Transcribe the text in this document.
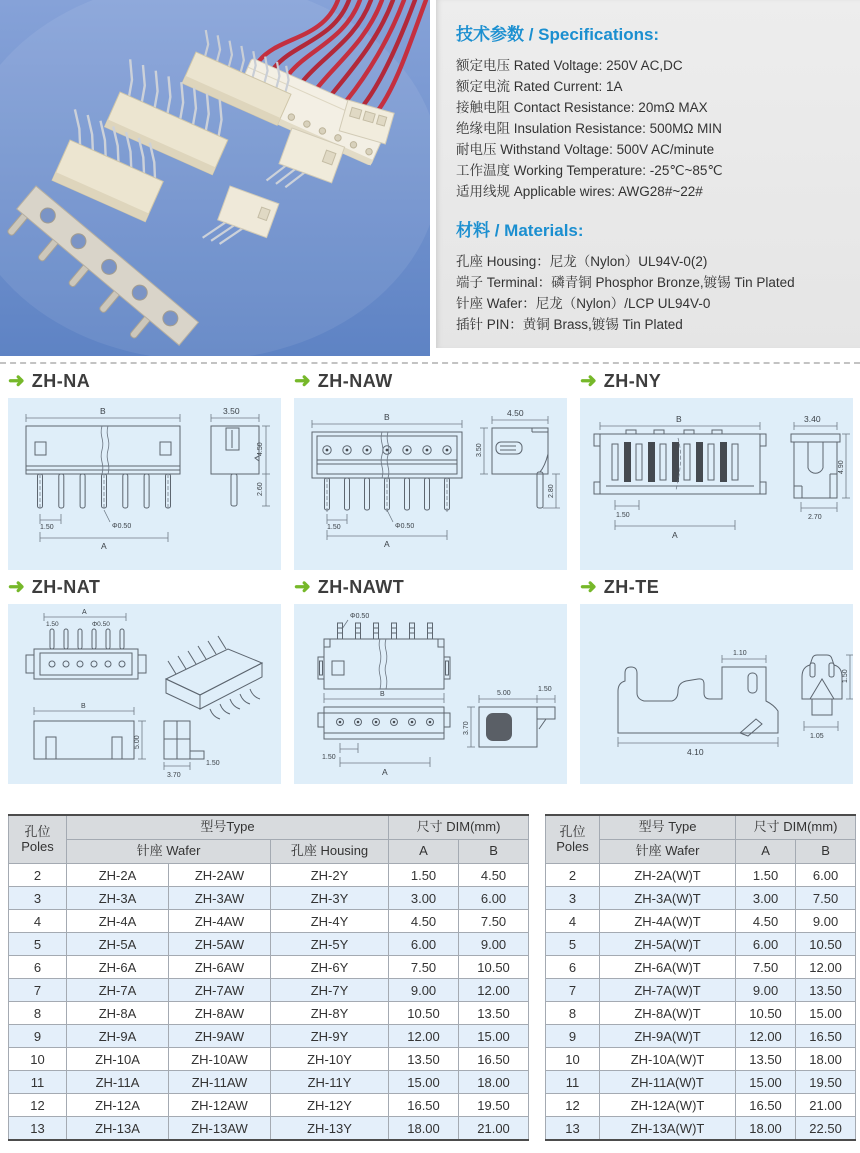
技术参数 / Specifications:
额定电压 Rated Voltage: 250V AC,DC
额定电流 Rated Current: 1A
接触电阻 Contact Resistance: 20mΩ MAX
绝缘电阻 Insulation Resistance: 500MΩ MIN
耐电压 Withstand Voltage: 500V AC/minute
工作温度 Working Temperature: -25℃~85℃
适用线规 Applicable wires: AWG28#~22#
材料 / Materials:
孔座 Housing：尼龙（Nylon）UL94V-0(2)
端子 Terminal：磷青铜 Phosphor Bronze,镀锡 Tin Plated
针座 Wafer：尼龙（Nylon）/LCP UL94V-0
插针 PIN：黄铜 Brass,镀锡 Tin Plated
➜ ZH-NA	➜ ZH-NAW	➜ ZH-NY
B	3.50
1.50	Φ0.50
A
4.50
2.60
B	4.50
1.50	Φ0.50
A
3.50
2.80
B	3.40
1.50
A
4.90
2.70
➜ ZH-NAT	➜ ZH-NAWT	➜ ZH-TE
A
1.50	Φ0.50
B
5.00
3.70
1.50
Φ0.50
B
1.50
A
5.00
1.50
3.70
1.10
4.10
1.50
1.05
孔位
Poles	型号Type			尺寸 DIM(mm)	
	针座 Wafer		孔座 Housing	A	B
2	ZH-2A	ZH-2AW	ZH-2Y	1.50	4.50
3	ZH-3A	ZH-3AW	ZH-3Y	3.00	6.00
4	ZH-4A	ZH-4AW	ZH-4Y	4.50	7.50
5	ZH-5A	ZH-5AW	ZH-5Y	6.00	9.00
6	ZH-6A	ZH-6AW	ZH-6Y	7.50	10.50
7	ZH-7A	ZH-7AW	ZH-7Y	9.00	12.00
8	ZH-8A	ZH-8AW	ZH-8Y	10.50	13.50
9	ZH-9A	ZH-9AW	ZH-9Y	12.00	15.00
10	ZH-10A	ZH-10AW	ZH-10Y	13.50	16.50
11	ZH-11A	ZH-11AW	ZH-11Y	15.00	18.00
12	ZH-12A	ZH-12AW	ZH-12Y	16.50	19.50
13	ZH-13A	ZH-13AW	ZH-13Y	18.00	21.00
孔位
Poles	型号 Type	尺寸 DIM(mm)	
	针座 Wafer	A	B
2	ZH-2A(W)T	1.50	6.00
3	ZH-3A(W)T	3.00	7.50
4	ZH-4A(W)T	4.50	9.00
5	ZH-5A(W)T	6.00	10.50
6	ZH-6A(W)T	7.50	12.00
7	ZH-7A(W)T	9.00	13.50
8	ZH-8A(W)T	10.50	15.00
9	ZH-9A(W)T	12.00	16.50
10	ZH-10A(W)T	13.50	18.00
11	ZH-11A(W)T	15.00	19.50
12	ZH-12A(W)T	16.50	21.00
13	ZH-13A(W)T	18.00	22.50
